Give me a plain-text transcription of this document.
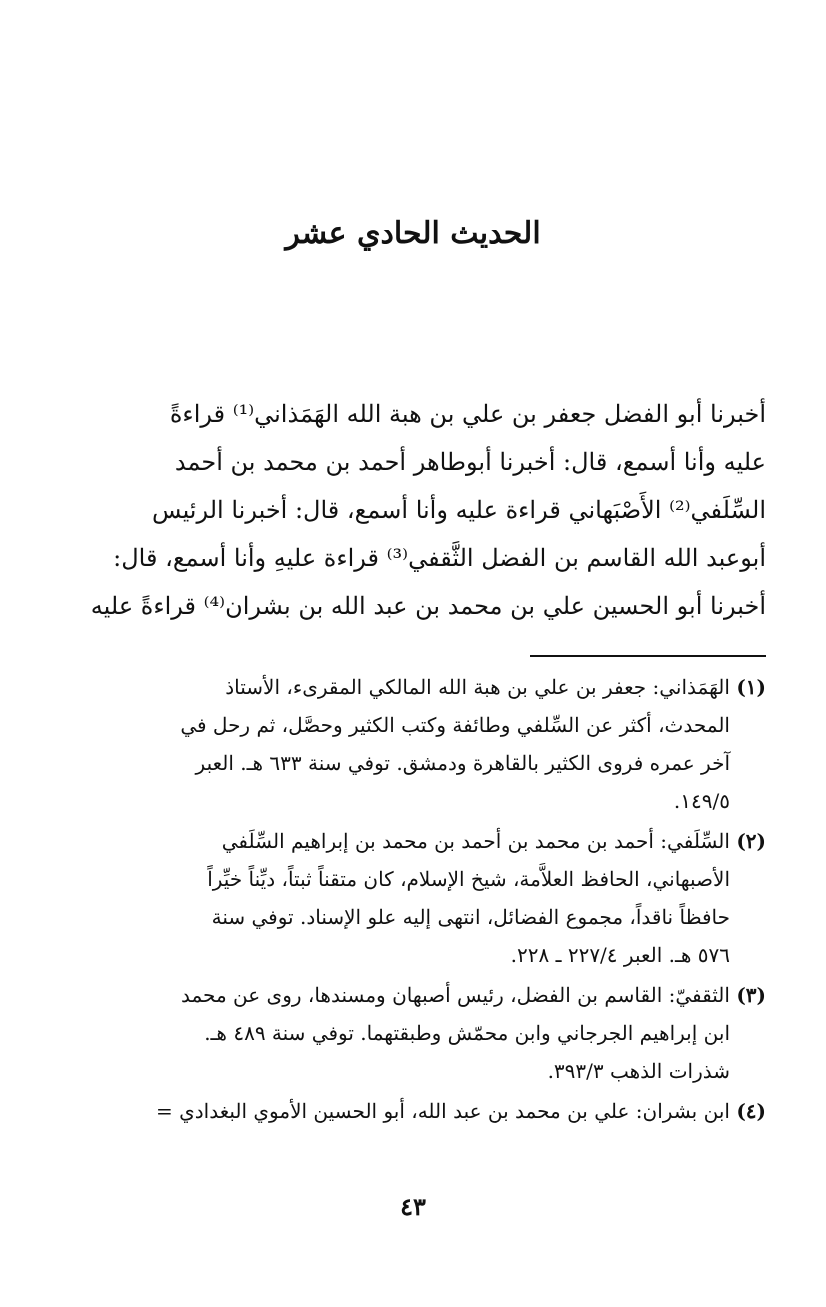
الحديث الحادي عشر
أخبرنا أبو الفضل جعفر بن علي بن هبة الله الهَمَذاني⁽¹⁾ قراءةً
عليه وأنا أسمع، قال: أخبرنا أبوطاهر أحمد بن محمد بن أحمد
السِّلَفي⁽²⁾ الأَصْبَهاني قراءة عليه وأنا أسمع، قال: أخبرنا الرئيس
أبوعبد الله القاسم بن الفضل الثَّقفي⁽³⁾ قراءة عليهِ وأنا أسمع، قال:
أخبرنا أبو الحسين علي بن محمد بن عبد الله بن بشران⁽⁴⁾ قراءةً عليه
(١) الهَمَذاني: جعفر بن علي بن هبة الله المالكي المقرىء، الأستاذ
المحدث، أكثر عن السِّلفي وطائفة وكتب الكثير وحصَّل، ثم رحل في
آخر عمره فروى الكثير بالقاهرة ودمشق. توفي سنة ٦٣٣ هـ. العبر
١٤٩/٥.
(٢) السِّلَفي: أحمد بن محمد بن أحمد بن محمد بن إبراهيم السِّلَفي
الأصبهاني، الحافظ العلاَّمة، شيخ الإسلام، كان متقناً ثبتاً، ديِّناً خيِّراً
حافظاً ناقداً، مجموع الفضائل، انتهى إليه علو الإسناد. توفي سنة
٥٧٦ هـ. العبر ٢٢٧/٤ ـ ٢٢٨.
(٣) الثقفيّ: القاسم بن الفضل، رئيس أصبهان ومسندها، روى عن محمد
ابن إبراهيم الجرجاني وابن محمّش وطبقتهما. توفي سنة ٤٨٩ هـ.
شذرات الذهب ٣٩٣/٣.
(٤) ابن بشران: علي بن محمد بن عبد الله، أبو الحسين الأموي البغدادي =
٤٣
